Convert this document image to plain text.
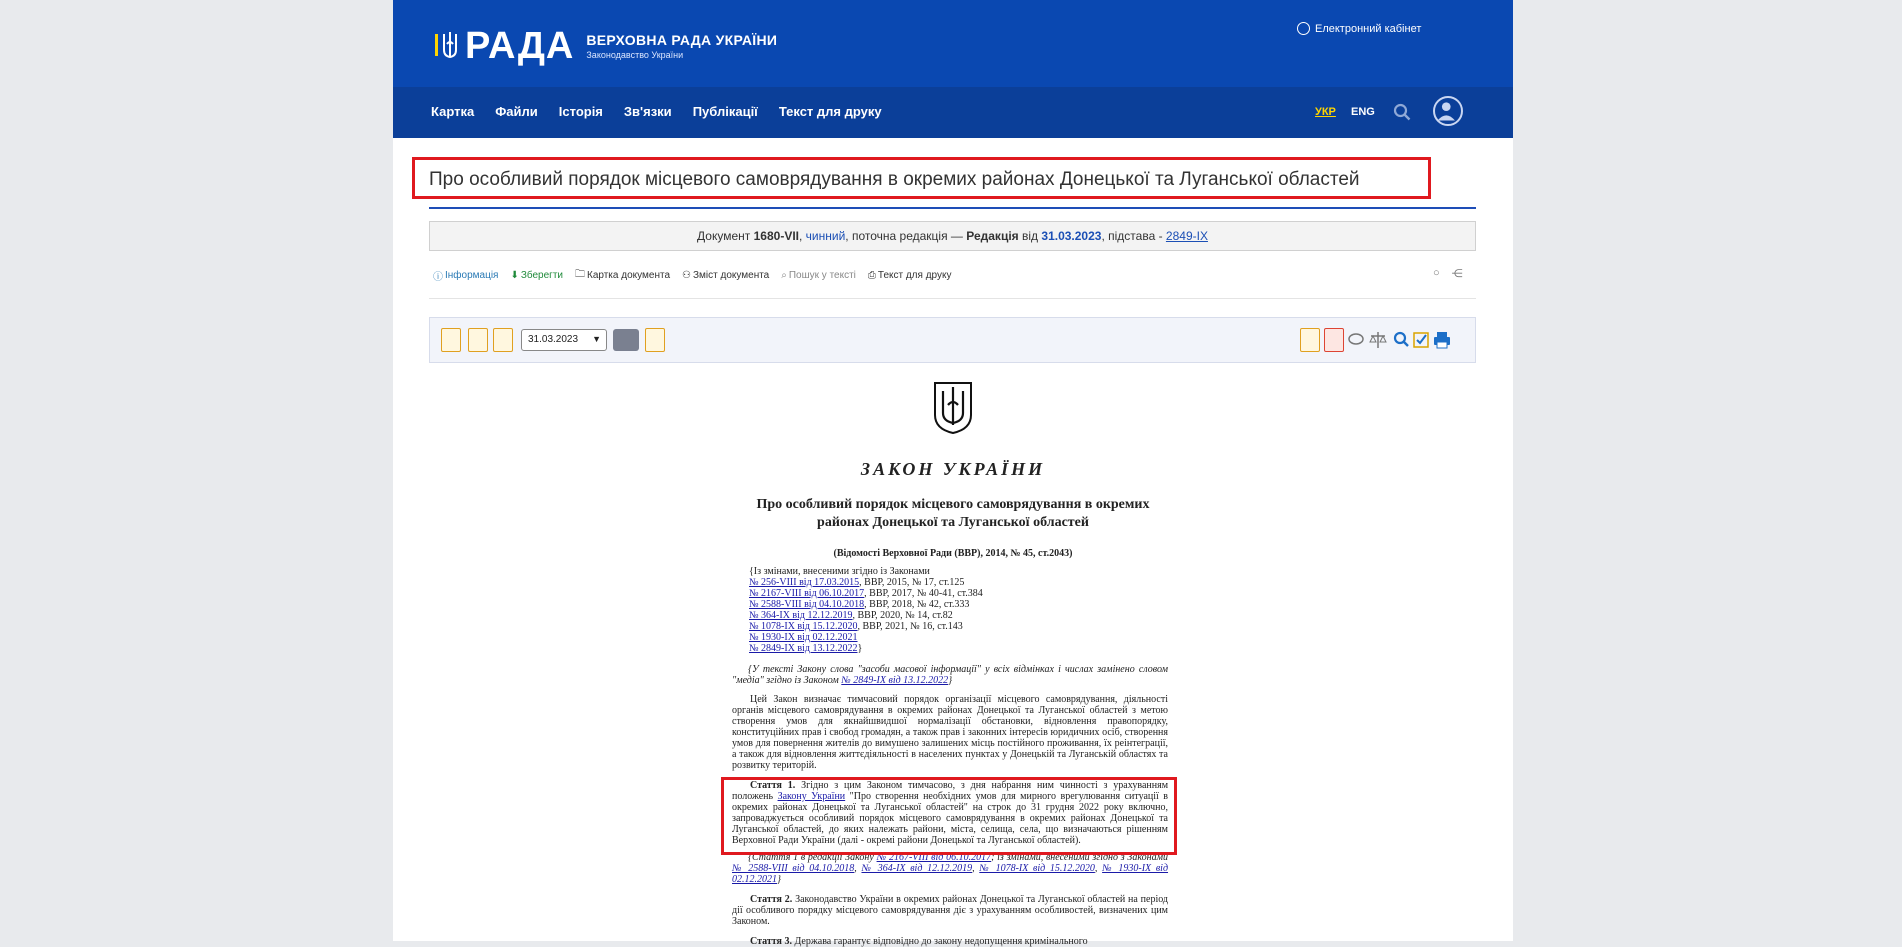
РАДА ВЕРХОВНА РАДА УКРАЇНИ
Законодавство України
Електронний кабінет
Картка Файли Історія Зв'язки Публікації Текст для друку	УКР ENG
Про особливий порядок місцевого самоврядування в окремих районах Донецької та Луганської областей
Документ 1680-VII, чинний, поточна редакція — Редакція від 31.03.2023, підстава - 2849-IX
ⓘ Інформація ⬇ Зберегти 🗀 Картка документа ⚇ Зміст документа ⌕ Пошук у тексті ⎙ Текст для друку	○ ⋲
31.03.2023 ▼
ЗАКОН УКРАЇНИ
Про особливий порядок місцевого самоврядування в окремих
районах Донецької та Луганської областей
(Відомості Верховної Ради (ВВР), 2014, № 45, ст.2043)
{Із змінами, внесеними згідно із Законами
№ 256-VIII від 17.03.2015, ВВР, 2015, № 17, ст.125
№ 2167-VIII від 06.10.2017, ВВР, 2017, № 40-41, ст.384
№ 2588-VIII від 04.10.2018, ВВР, 2018, № 42, ст.333
№ 364-IX від 12.12.2019, ВВР, 2020, № 14, ст.82
№ 1078-IX від 15.12.2020, ВВР, 2021, № 16, ст.143
№ 1930-IX від 02.12.2021
№ 2849-IX від 13.12.2022}
{У тексті Закону слова "засоби масової інформації" у всіх відмінках і числах замінено словом "медіа" згідно із Законом № 2849-IX від 13.12.2022}
Цей Закон визначає тимчасовий порядок організації місцевого самоврядування, діяльності органів місцевого самоврядування в окремих районах Донецької та Луганської областей з метою створення умов для якнайшвидшої нормалізації обстановки, відновлення правопорядку, конституційних прав і свобод громадян, а також прав і законних інтересів юридичних осіб, створення умов для повернення жителів до вимушено залишених місць постійного проживання, їх реінтеграції, а також для відновлення життєдіяльності в населених пунктах у Донецькій та Луганській областях та розвитку територій.
Стаття 1. Згідно з цим Законом тимчасово, з дня набрання ним чинності з урахуванням положень Закону України "Про створення необхідних умов для мирного врегулювання ситуації в окремих районах Донецької та Луганської областей" на строк до 31 грудня 2022 року включно, запроваджується особливий порядок місцевого самоврядування в окремих районах Донецької та Луганської областей, до яких належать райони, міста, селища, села, що визначаються рішенням Верховної Ради України (далі - окремі райони Донецької та Луганської областей).
{Стаття 1 в редакції Закону № 2167-VIII від 06.10.2017; із змінами, внесеними згідно з Законами № 2588-VIII від 04.10.2018, № 364-IX від 12.12.2019, № 1078-IX від 15.12.2020, № 1930-IX від 02.12.2021}
Стаття 2. Законодавство України в окремих районах Донецької та Луганської областей на період дії особливого порядку місцевого самоврядування діє з урахуванням особливостей, визначених цим Законом.
Стаття 3. Держава гарантує відповідно до закону недопущення кримінального
